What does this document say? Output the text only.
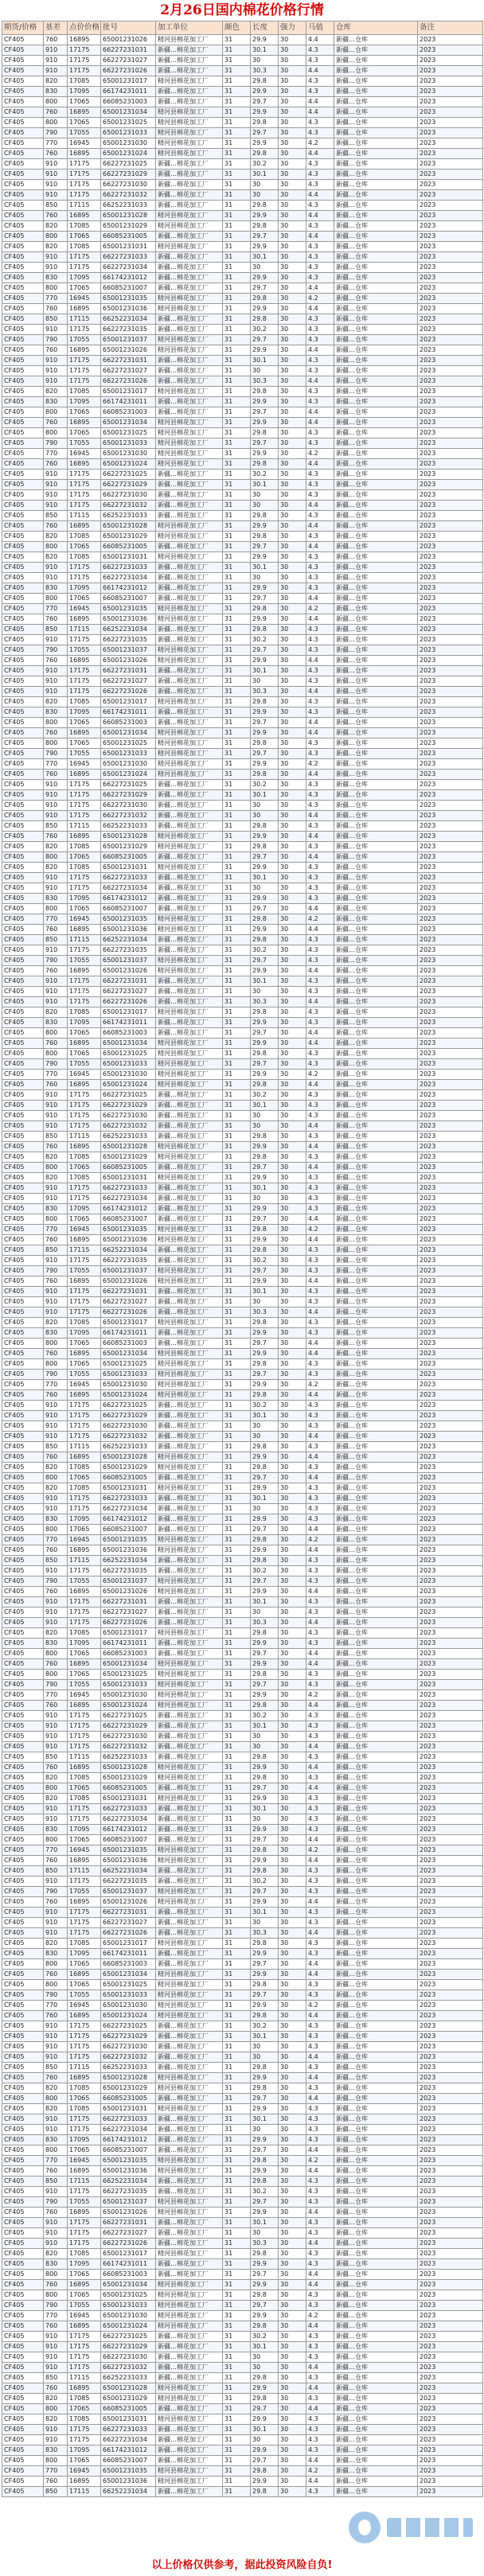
2月26日国内棉花价格行情
期货/价格	基差	点价价格	批号	加工单位	颜色	长度	强力	马值	仓库	备注
CF405	760	16895	65001231026	精河县棉花加工厂	31	29.9	30	4.4	新疆…仓库	2023
CF405	910	17175	66227231031	新疆…棉花加工厂	31	30.1	30	4.3	新疆…仓库	2023
CF405	910	17175	66227231027	新疆…棉花加工厂	31	30	30	4.3	新疆…仓库	2023
CF405	910	17175	66227231026	新疆…棉花加工厂	31	30.3	30	4.4	新疆…仓库	2023
CF405	820	17085	65001231017	精河县棉花加工厂	31	29.8	30	4.3	新疆…仓库	2023
CF405	830	17095	66174231011	新疆…棉花加工厂	31	29.9	30	4.3	新疆…仓库	2023
CF405	800	17065	66085231003	新疆…棉花加工厂	31	29.7	30	4.4	新疆…仓库	2023
CF405	760	16895	65001231034	精河县棉花加工厂	31	29.9	30	4.4	新疆…仓库	2023
CF405	800	17065	65001231025	精河县棉花加工厂	31	29.8	30	4.3	新疆…仓库	2023
CF405	790	17055	65001231033	精河县棉花加工厂	31	29.7	30	4.3	新疆…仓库	2023
CF405	770	16945	65001231030	精河县棉花加工厂	31	29.9	30	4.2	新疆…仓库	2023
CF405	760	16895	65001231024	精河县棉花加工厂	31	29.8	30	4.4	新疆…仓库	2023
CF405	910	17175	66227231025	新疆…棉花加工厂	31	30.2	30	4.3	新疆…仓库	2023
CF405	910	17175	66227231029	新疆…棉花加工厂	31	30.1	30	4.3	新疆…仓库	2023
CF405	910	17175	66227231030	新疆…棉花加工厂	31	30	30	4.3	新疆…仓库	2023
CF405	910	17175	66227231032	新疆…棉花加工厂	31	30	30	4.4	新疆…仓库	2023
CF405	850	17115	66252231033	新疆…棉花加工厂	31	29.8	30	4.3	新疆…仓库	2023
CF405	760	16895	65001231028	精河县棉花加工厂	31	29.9	30	4.4	新疆…仓库	2023
CF405	820	17085	65001231029	精河县棉花加工厂	31	29.8	30	4.3	新疆…仓库	2023
CF405	800	17065	66085231005	新疆…棉花加工厂	31	29.7	30	4.4	新疆…仓库	2023
CF405	820	17085	65001231031	精河县棉花加工厂	31	29.9	30	4.3	新疆…仓库	2023
CF405	910	17175	66227231033	新疆…棉花加工厂	31	30.1	30	4.3	新疆…仓库	2023
CF405	910	17175	66227231034	新疆…棉花加工厂	31	30	30	4.3	新疆…仓库	2023
CF405	830	17095	66174231012	新疆…棉花加工厂	31	29.9	30	4.3	新疆…仓库	2023
CF405	800	17065	66085231007	新疆…棉花加工厂	31	29.7	30	4.4	新疆…仓库	2023
CF405	770	16945	65001231035	精河县棉花加工厂	31	29.8	30	4.2	新疆…仓库	2023
CF405	760	16895	65001231036	精河县棉花加工厂	31	29.9	30	4.4	新疆…仓库	2023
CF405	850	17115	66252231034	新疆…棉花加工厂	31	29.8	30	4.3	新疆…仓库	2023
CF405	910	17175	66227231035	新疆…棉花加工厂	31	30.2	30	4.3	新疆…仓库	2023
CF405	790	17055	65001231037	精河县棉花加工厂	31	29.7	30	4.3	新疆…仓库	2023
CF405	760	16895	65001231026	精河县棉花加工厂	31	29.9	30	4.4	新疆…仓库	2023
CF405	910	17175	66227231031	新疆…棉花加工厂	31	30.1	30	4.3	新疆…仓库	2023
CF405	910	17175	66227231027	新疆…棉花加工厂	31	30	30	4.3	新疆…仓库	2023
CF405	910	17175	66227231026	新疆…棉花加工厂	31	30.3	30	4.4	新疆…仓库	2023
CF405	820	17085	65001231017	精河县棉花加工厂	31	29.8	30	4.3	新疆…仓库	2023
CF405	830	17095	66174231011	新疆…棉花加工厂	31	29.9	30	4.3	新疆…仓库	2023
CF405	800	17065	66085231003	新疆…棉花加工厂	31	29.7	30	4.4	新疆…仓库	2023
CF405	760	16895	65001231034	精河县棉花加工厂	31	29.9	30	4.4	新疆…仓库	2023
CF405	800	17065	65001231025	精河县棉花加工厂	31	29.8	30	4.3	新疆…仓库	2023
CF405	790	17055	65001231033	精河县棉花加工厂	31	29.7	30	4.3	新疆…仓库	2023
CF405	770	16945	65001231030	精河县棉花加工厂	31	29.9	30	4.2	新疆…仓库	2023
CF405	760	16895	65001231024	精河县棉花加工厂	31	29.8	30	4.4	新疆…仓库	2023
CF405	910	17175	66227231025	新疆…棉花加工厂	31	30.2	30	4.3	新疆…仓库	2023
CF405	910	17175	66227231029	新疆…棉花加工厂	31	30.1	30	4.3	新疆…仓库	2023
CF405	910	17175	66227231030	新疆…棉花加工厂	31	30	30	4.3	新疆…仓库	2023
CF405	910	17175	66227231032	新疆…棉花加工厂	31	30	30	4.4	新疆…仓库	2023
CF405	850	17115	66252231033	新疆…棉花加工厂	31	29.8	30	4.3	新疆…仓库	2023
CF405	760	16895	65001231028	精河县棉花加工厂	31	29.9	30	4.4	新疆…仓库	2023
CF405	820	17085	65001231029	精河县棉花加工厂	31	29.8	30	4.3	新疆…仓库	2023
CF405	800	17065	66085231005	新疆…棉花加工厂	31	29.7	30	4.4	新疆…仓库	2023
CF405	820	17085	65001231031	精河县棉花加工厂	31	29.9	30	4.3	新疆…仓库	2023
CF405	910	17175	66227231033	新疆…棉花加工厂	31	30.1	30	4.3	新疆…仓库	2023
CF405	910	17175	66227231034	新疆…棉花加工厂	31	30	30	4.3	新疆…仓库	2023
CF405	830	17095	66174231012	新疆…棉花加工厂	31	29.9	30	4.3	新疆…仓库	2023
CF405	800	17065	66085231007	新疆…棉花加工厂	31	29.7	30	4.4	新疆…仓库	2023
CF405	770	16945	65001231035	精河县棉花加工厂	31	29.8	30	4.2	新疆…仓库	2023
CF405	760	16895	65001231036	精河县棉花加工厂	31	29.9	30	4.4	新疆…仓库	2023
CF405	850	17115	66252231034	新疆…棉花加工厂	31	29.8	30	4.3	新疆…仓库	2023
CF405	910	17175	66227231035	新疆…棉花加工厂	31	30.2	30	4.3	新疆…仓库	2023
CF405	790	17055	65001231037	精河县棉花加工厂	31	29.7	30	4.3	新疆…仓库	2023
CF405	760	16895	65001231026	精河县棉花加工厂	31	29.9	30	4.4	新疆…仓库	2023
CF405	910	17175	66227231031	新疆…棉花加工厂	31	30.1	30	4.3	新疆…仓库	2023
CF405	910	17175	66227231027	新疆…棉花加工厂	31	30	30	4.3	新疆…仓库	2023
CF405	910	17175	66227231026	新疆…棉花加工厂	31	30.3	30	4.4	新疆…仓库	2023
CF405	820	17085	65001231017	精河县棉花加工厂	31	29.8	30	4.3	新疆…仓库	2023
CF405	830	17095	66174231011	新疆…棉花加工厂	31	29.9	30	4.3	新疆…仓库	2023
CF405	800	17065	66085231003	新疆…棉花加工厂	31	29.7	30	4.4	新疆…仓库	2023
CF405	760	16895	65001231034	精河县棉花加工厂	31	29.9	30	4.4	新疆…仓库	2023
CF405	800	17065	65001231025	精河县棉花加工厂	31	29.8	30	4.3	新疆…仓库	2023
CF405	790	17055	65001231033	精河县棉花加工厂	31	29.7	30	4.3	新疆…仓库	2023
CF405	770	16945	65001231030	精河县棉花加工厂	31	29.9	30	4.2	新疆…仓库	2023
CF405	760	16895	65001231024	精河县棉花加工厂	31	29.8	30	4.4	新疆…仓库	2023
CF405	910	17175	66227231025	新疆…棉花加工厂	31	30.2	30	4.3	新疆…仓库	2023
CF405	910	17175	66227231029	新疆…棉花加工厂	31	30.1	30	4.3	新疆…仓库	2023
CF405	910	17175	66227231030	新疆…棉花加工厂	31	30	30	4.3	新疆…仓库	2023
CF405	910	17175	66227231032	新疆…棉花加工厂	31	30	30	4.4	新疆…仓库	2023
CF405	850	17115	66252231033	新疆…棉花加工厂	31	29.8	30	4.3	新疆…仓库	2023
CF405	760	16895	65001231028	精河县棉花加工厂	31	29.9	30	4.4	新疆…仓库	2023
CF405	820	17085	65001231029	精河县棉花加工厂	31	29.8	30	4.3	新疆…仓库	2023
CF405	800	17065	66085231005	新疆…棉花加工厂	31	29.7	30	4.4	新疆…仓库	2023
CF405	820	17085	65001231031	精河县棉花加工厂	31	29.9	30	4.3	新疆…仓库	2023
CF405	910	17175	66227231033	新疆…棉花加工厂	31	30.1	30	4.3	新疆…仓库	2023
CF405	910	17175	66227231034	新疆…棉花加工厂	31	30	30	4.3	新疆…仓库	2023
CF405	830	17095	66174231012	新疆…棉花加工厂	31	29.9	30	4.3	新疆…仓库	2023
CF405	800	17065	66085231007	新疆…棉花加工厂	31	29.7	30	4.4	新疆…仓库	2023
CF405	770	16945	65001231035	精河县棉花加工厂	31	29.8	30	4.2	新疆…仓库	2023
CF405	760	16895	65001231036	精河县棉花加工厂	31	29.9	30	4.4	新疆…仓库	2023
CF405	850	17115	66252231034	新疆…棉花加工厂	31	29.8	30	4.3	新疆…仓库	2023
CF405	910	17175	66227231035	新疆…棉花加工厂	31	30.2	30	4.3	新疆…仓库	2023
CF405	790	17055	65001231037	精河县棉花加工厂	31	29.7	30	4.3	新疆…仓库	2023
CF405	760	16895	65001231026	精河县棉花加工厂	31	29.9	30	4.4	新疆…仓库	2023
CF405	910	17175	66227231031	新疆…棉花加工厂	31	30.1	30	4.3	新疆…仓库	2023
CF405	910	17175	66227231027	新疆…棉花加工厂	31	30	30	4.3	新疆…仓库	2023
CF405	910	17175	66227231026	新疆…棉花加工厂	31	30.3	30	4.4	新疆…仓库	2023
CF405	820	17085	65001231017	精河县棉花加工厂	31	29.8	30	4.3	新疆…仓库	2023
CF405	830	17095	66174231011	新疆…棉花加工厂	31	29.9	30	4.3	新疆…仓库	2023
CF405	800	17065	66085231003	新疆…棉花加工厂	31	29.7	30	4.4	新疆…仓库	2023
CF405	760	16895	65001231034	精河县棉花加工厂	31	29.9	30	4.4	新疆…仓库	2023
CF405	800	17065	65001231025	精河县棉花加工厂	31	29.8	30	4.3	新疆…仓库	2023
CF405	790	17055	65001231033	精河县棉花加工厂	31	29.7	30	4.3	新疆…仓库	2023
CF405	770	16945	65001231030	精河县棉花加工厂	31	29.9	30	4.2	新疆…仓库	2023
CF405	760	16895	65001231024	精河县棉花加工厂	31	29.8	30	4.4	新疆…仓库	2023
CF405	910	17175	66227231025	新疆…棉花加工厂	31	30.2	30	4.3	新疆…仓库	2023
CF405	910	17175	66227231029	新疆…棉花加工厂	31	30.1	30	4.3	新疆…仓库	2023
CF405	910	17175	66227231030	新疆…棉花加工厂	31	30	30	4.3	新疆…仓库	2023
CF405	910	17175	66227231032	新疆…棉花加工厂	31	30	30	4.4	新疆…仓库	2023
CF405	850	17115	66252231033	新疆…棉花加工厂	31	29.8	30	4.3	新疆…仓库	2023
CF405	760	16895	65001231028	精河县棉花加工厂	31	29.9	30	4.4	新疆…仓库	2023
CF405	820	17085	65001231029	精河县棉花加工厂	31	29.8	30	4.3	新疆…仓库	2023
CF405	800	17065	66085231005	新疆…棉花加工厂	31	29.7	30	4.4	新疆…仓库	2023
CF405	820	17085	65001231031	精河县棉花加工厂	31	29.9	30	4.3	新疆…仓库	2023
CF405	910	17175	66227231033	新疆…棉花加工厂	31	30.1	30	4.3	新疆…仓库	2023
CF405	910	17175	66227231034	新疆…棉花加工厂	31	30	30	4.3	新疆…仓库	2023
CF405	830	17095	66174231012	新疆…棉花加工厂	31	29.9	30	4.3	新疆…仓库	2023
CF405	800	17065	66085231007	新疆…棉花加工厂	31	29.7	30	4.4	新疆…仓库	2023
CF405	770	16945	65001231035	精河县棉花加工厂	31	29.8	30	4.2	新疆…仓库	2023
CF405	760	16895	65001231036	精河县棉花加工厂	31	29.9	30	4.4	新疆…仓库	2023
CF405	850	17115	66252231034	新疆…棉花加工厂	31	29.8	30	4.3	新疆…仓库	2023
CF405	910	17175	66227231035	新疆…棉花加工厂	31	30.2	30	4.3	新疆…仓库	2023
CF405	790	17055	65001231037	精河县棉花加工厂	31	29.7	30	4.3	新疆…仓库	2023
CF405	760	16895	65001231026	精河县棉花加工厂	31	29.9	30	4.4	新疆…仓库	2023
CF405	910	17175	66227231031	新疆…棉花加工厂	31	30.1	30	4.3	新疆…仓库	2023
CF405	910	17175	66227231027	新疆…棉花加工厂	31	30	30	4.3	新疆…仓库	2023
CF405	910	17175	66227231026	新疆…棉花加工厂	31	30.3	30	4.4	新疆…仓库	2023
CF405	820	17085	65001231017	精河县棉花加工厂	31	29.8	30	4.3	新疆…仓库	2023
CF405	830	17095	66174231011	新疆…棉花加工厂	31	29.9	30	4.3	新疆…仓库	2023
CF405	800	17065	66085231003	新疆…棉花加工厂	31	29.7	30	4.4	新疆…仓库	2023
CF405	760	16895	65001231034	精河县棉花加工厂	31	29.9	30	4.4	新疆…仓库	2023
CF405	800	17065	65001231025	精河县棉花加工厂	31	29.8	30	4.3	新疆…仓库	2023
CF405	790	17055	65001231033	精河县棉花加工厂	31	29.7	30	4.3	新疆…仓库	2023
CF405	770	16945	65001231030	精河县棉花加工厂	31	29.9	30	4.2	新疆…仓库	2023
CF405	760	16895	65001231024	精河县棉花加工厂	31	29.8	30	4.4	新疆…仓库	2023
CF405	910	17175	66227231025	新疆…棉花加工厂	31	30.2	30	4.3	新疆…仓库	2023
CF405	910	17175	66227231029	新疆…棉花加工厂	31	30.1	30	4.3	新疆…仓库	2023
CF405	910	17175	66227231030	新疆…棉花加工厂	31	30	30	4.3	新疆…仓库	2023
CF405	910	17175	66227231032	新疆…棉花加工厂	31	30	30	4.4	新疆…仓库	2023
CF405	850	17115	66252231033	新疆…棉花加工厂	31	29.8	30	4.3	新疆…仓库	2023
CF405	760	16895	65001231028	精河县棉花加工厂	31	29.9	30	4.4	新疆…仓库	2023
CF405	820	17085	65001231029	精河县棉花加工厂	31	29.8	30	4.3	新疆…仓库	2023
CF405	800	17065	66085231005	新疆…棉花加工厂	31	29.7	30	4.4	新疆…仓库	2023
CF405	820	17085	65001231031	精河县棉花加工厂	31	29.9	30	4.3	新疆…仓库	2023
CF405	910	17175	66227231033	新疆…棉花加工厂	31	30.1	30	4.3	新疆…仓库	2023
CF405	910	17175	66227231034	新疆…棉花加工厂	31	30	30	4.3	新疆…仓库	2023
CF405	830	17095	66174231012	新疆…棉花加工厂	31	29.9	30	4.3	新疆…仓库	2023
CF405	800	17065	66085231007	新疆…棉花加工厂	31	29.7	30	4.4	新疆…仓库	2023
CF405	770	16945	65001231035	精河县棉花加工厂	31	29.8	30	4.2	新疆…仓库	2023
CF405	760	16895	65001231036	精河县棉花加工厂	31	29.9	30	4.4	新疆…仓库	2023
CF405	850	17115	66252231034	新疆…棉花加工厂	31	29.8	30	4.3	新疆…仓库	2023
CF405	910	17175	66227231035	新疆…棉花加工厂	31	30.2	30	4.3	新疆…仓库	2023
CF405	790	17055	65001231037	精河县棉花加工厂	31	29.7	30	4.3	新疆…仓库	2023
CF405	760	16895	65001231026	精河县棉花加工厂	31	29.9	30	4.4	新疆…仓库	2023
CF405	910	17175	66227231031	新疆…棉花加工厂	31	30.1	30	4.3	新疆…仓库	2023
CF405	910	17175	66227231027	新疆…棉花加工厂	31	30	30	4.3	新疆…仓库	2023
CF405	910	17175	66227231026	新疆…棉花加工厂	31	30.3	30	4.4	新疆…仓库	2023
CF405	820	17085	65001231017	精河县棉花加工厂	31	29.8	30	4.3	新疆…仓库	2023
CF405	830	17095	66174231011	新疆…棉花加工厂	31	29.9	30	4.3	新疆…仓库	2023
CF405	800	17065	66085231003	新疆…棉花加工厂	31	29.7	30	4.4	新疆…仓库	2023
CF405	760	16895	65001231034	精河县棉花加工厂	31	29.9	30	4.4	新疆…仓库	2023
CF405	800	17065	65001231025	精河县棉花加工厂	31	29.8	30	4.3	新疆…仓库	2023
CF405	790	17055	65001231033	精河县棉花加工厂	31	29.7	30	4.3	新疆…仓库	2023
CF405	770	16945	65001231030	精河县棉花加工厂	31	29.9	30	4.2	新疆…仓库	2023
CF405	760	16895	65001231024	精河县棉花加工厂	31	29.8	30	4.4	新疆…仓库	2023
CF405	910	17175	66227231025	新疆…棉花加工厂	31	30.2	30	4.3	新疆…仓库	2023
CF405	910	17175	66227231029	新疆…棉花加工厂	31	30.1	30	4.3	新疆…仓库	2023
CF405	910	17175	66227231030	新疆…棉花加工厂	31	30	30	4.3	新疆…仓库	2023
CF405	910	17175	66227231032	新疆…棉花加工厂	31	30	30	4.4	新疆…仓库	2023
CF405	850	17115	66252231033	新疆…棉花加工厂	31	29.8	30	4.3	新疆…仓库	2023
CF405	760	16895	65001231028	精河县棉花加工厂	31	29.9	30	4.4	新疆…仓库	2023
CF405	820	17085	65001231029	精河县棉花加工厂	31	29.8	30	4.3	新疆…仓库	2023
CF405	800	17065	66085231005	新疆…棉花加工厂	31	29.7	30	4.4	新疆…仓库	2023
CF405	820	17085	65001231031	精河县棉花加工厂	31	29.9	30	4.3	新疆…仓库	2023
CF405	910	17175	66227231033	新疆…棉花加工厂	31	30.1	30	4.3	新疆…仓库	2023
CF405	910	17175	66227231034	新疆…棉花加工厂	31	30	30	4.3	新疆…仓库	2023
CF405	830	17095	66174231012	新疆…棉花加工厂	31	29.9	30	4.3	新疆…仓库	2023
CF405	800	17065	66085231007	新疆…棉花加工厂	31	29.7	30	4.4	新疆…仓库	2023
CF405	770	16945	65001231035	精河县棉花加工厂	31	29.8	30	4.2	新疆…仓库	2023
CF405	760	16895	65001231036	精河县棉花加工厂	31	29.9	30	4.4	新疆…仓库	2023
CF405	850	17115	66252231034	新疆…棉花加工厂	31	29.8	30	4.3	新疆…仓库	2023
CF405	910	17175	66227231035	新疆…棉花加工厂	31	30.2	30	4.3	新疆…仓库	2023
CF405	790	17055	65001231037	精河县棉花加工厂	31	29.7	30	4.3	新疆…仓库	2023
CF405	760	16895	65001231026	精河县棉花加工厂	31	29.9	30	4.4	新疆…仓库	2023
CF405	910	17175	66227231031	新疆…棉花加工厂	31	30.1	30	4.3	新疆…仓库	2023
CF405	910	17175	66227231027	新疆…棉花加工厂	31	30	30	4.3	新疆…仓库	2023
CF405	910	17175	66227231026	新疆…棉花加工厂	31	30.3	30	4.4	新疆…仓库	2023
CF405	820	17085	65001231017	精河县棉花加工厂	31	29.8	30	4.3	新疆…仓库	2023
CF405	830	17095	66174231011	新疆…棉花加工厂	31	29.9	30	4.3	新疆…仓库	2023
CF405	800	17065	66085231003	新疆…棉花加工厂	31	29.7	30	4.4	新疆…仓库	2023
CF405	760	16895	65001231034	精河县棉花加工厂	31	29.9	30	4.4	新疆…仓库	2023
CF405	800	17065	65001231025	精河县棉花加工厂	31	29.8	30	4.3	新疆…仓库	2023
CF405	790	17055	65001231033	精河县棉花加工厂	31	29.7	30	4.3	新疆…仓库	2023
CF405	770	16945	65001231030	精河县棉花加工厂	31	29.9	30	4.2	新疆…仓库	2023
CF405	760	16895	65001231024	精河县棉花加工厂	31	29.8	30	4.4	新疆…仓库	2023
CF405	910	17175	66227231025	新疆…棉花加工厂	31	30.2	30	4.3	新疆…仓库	2023
CF405	910	17175	66227231029	新疆…棉花加工厂	31	30.1	30	4.3	新疆…仓库	2023
CF405	910	17175	66227231030	新疆…棉花加工厂	31	30	30	4.3	新疆…仓库	2023
CF405	910	17175	66227231032	新疆…棉花加工厂	31	30	30	4.4	新疆…仓库	2023
CF405	850	17115	66252231033	新疆…棉花加工厂	31	29.8	30	4.3	新疆…仓库	2023
CF405	760	16895	65001231028	精河县棉花加工厂	31	29.9	30	4.4	新疆…仓库	2023
CF405	820	17085	65001231029	精河县棉花加工厂	31	29.8	30	4.3	新疆…仓库	2023
CF405	800	17065	66085231005	新疆…棉花加工厂	31	29.7	30	4.4	新疆…仓库	2023
CF405	820	17085	65001231031	精河县棉花加工厂	31	29.9	30	4.3	新疆…仓库	2023
CF405	910	17175	66227231033	新疆…棉花加工厂	31	30.1	30	4.3	新疆…仓库	2023
CF405	910	17175	66227231034	新疆…棉花加工厂	31	30	30	4.3	新疆…仓库	2023
CF405	830	17095	66174231012	新疆…棉花加工厂	31	29.9	30	4.3	新疆…仓库	2023
CF405	800	17065	66085231007	新疆…棉花加工厂	31	29.7	30	4.4	新疆…仓库	2023
CF405	770	16945	65001231035	精河县棉花加工厂	31	29.8	30	4.2	新疆…仓库	2023
CF405	760	16895	65001231036	精河县棉花加工厂	31	29.9	30	4.4	新疆…仓库	2023
CF405	850	17115	66252231034	新疆…棉花加工厂	31	29.8	30	4.3	新疆…仓库	2023
CF405	910	17175	66227231035	新疆…棉花加工厂	31	30.2	30	4.3	新疆…仓库	2023
CF405	790	17055	65001231037	精河县棉花加工厂	31	29.7	30	4.3	新疆…仓库	2023
CF405	760	16895	65001231026	精河县棉花加工厂	31	29.9	30	4.4	新疆…仓库	2023
CF405	910	17175	66227231031	新疆…棉花加工厂	31	30.1	30	4.3	新疆…仓库	2023
CF405	910	17175	66227231027	新疆…棉花加工厂	31	30	30	4.3	新疆…仓库	2023
CF405	910	17175	66227231026	新疆…棉花加工厂	31	30.3	30	4.4	新疆…仓库	2023
CF405	820	17085	65001231017	精河县棉花加工厂	31	29.8	30	4.3	新疆…仓库	2023
CF405	830	17095	66174231011	新疆…棉花加工厂	31	29.9	30	4.3	新疆…仓库	2023
CF405	800	17065	66085231003	新疆…棉花加工厂	31	29.7	30	4.4	新疆…仓库	2023
CF405	760	16895	65001231034	精河县棉花加工厂	31	29.9	30	4.4	新疆…仓库	2023
CF405	800	17065	65001231025	精河县棉花加工厂	31	29.8	30	4.3	新疆…仓库	2023
CF405	790	17055	65001231033	精河县棉花加工厂	31	29.7	30	4.3	新疆…仓库	2023
CF405	770	16945	65001231030	精河县棉花加工厂	31	29.9	30	4.2	新疆…仓库	2023
CF405	760	16895	65001231024	精河县棉花加工厂	31	29.8	30	4.4	新疆…仓库	2023
CF405	910	17175	66227231025	新疆…棉花加工厂	31	30.2	30	4.3	新疆…仓库	2023
CF405	910	17175	66227231029	新疆…棉花加工厂	31	30.1	30	4.3	新疆…仓库	2023
CF405	910	17175	66227231030	新疆…棉花加工厂	31	30	30	4.3	新疆…仓库	2023
CF405	910	17175	66227231032	新疆…棉花加工厂	31	30	30	4.4	新疆…仓库	2023
CF405	850	17115	66252231033	新疆…棉花加工厂	31	29.8	30	4.3	新疆…仓库	2023
CF405	760	16895	65001231028	精河县棉花加工厂	31	29.9	30	4.4	新疆…仓库	2023
CF405	820	17085	65001231029	精河县棉花加工厂	31	29.8	30	4.3	新疆…仓库	2023
CF405	800	17065	66085231005	新疆…棉花加工厂	31	29.7	30	4.4	新疆…仓库	2023
CF405	820	17085	65001231031	精河县棉花加工厂	31	29.9	30	4.3	新疆…仓库	2023
CF405	910	17175	66227231033	新疆…棉花加工厂	31	30.1	30	4.3	新疆…仓库	2023
CF405	910	17175	66227231034	新疆…棉花加工厂	31	30	30	4.3	新疆…仓库	2023
CF405	830	17095	66174231012	新疆…棉花加工厂	31	29.9	30	4.3	新疆…仓库	2023
CF405	800	17065	66085231007	新疆…棉花加工厂	31	29.7	30	4.4	新疆…仓库	2023
CF405	770	16945	65001231035	精河县棉花加工厂	31	29.8	30	4.2	新疆…仓库	2023
CF405	760	16895	65001231036	精河县棉花加工厂	31	29.9	30	4.4	新疆…仓库	2023
CF405	850	17115	66252231034	新疆…棉花加工厂	31	29.8	30	4.3	新疆…仓库	2023
以上价格仅供参考，据此投资风险自负!
